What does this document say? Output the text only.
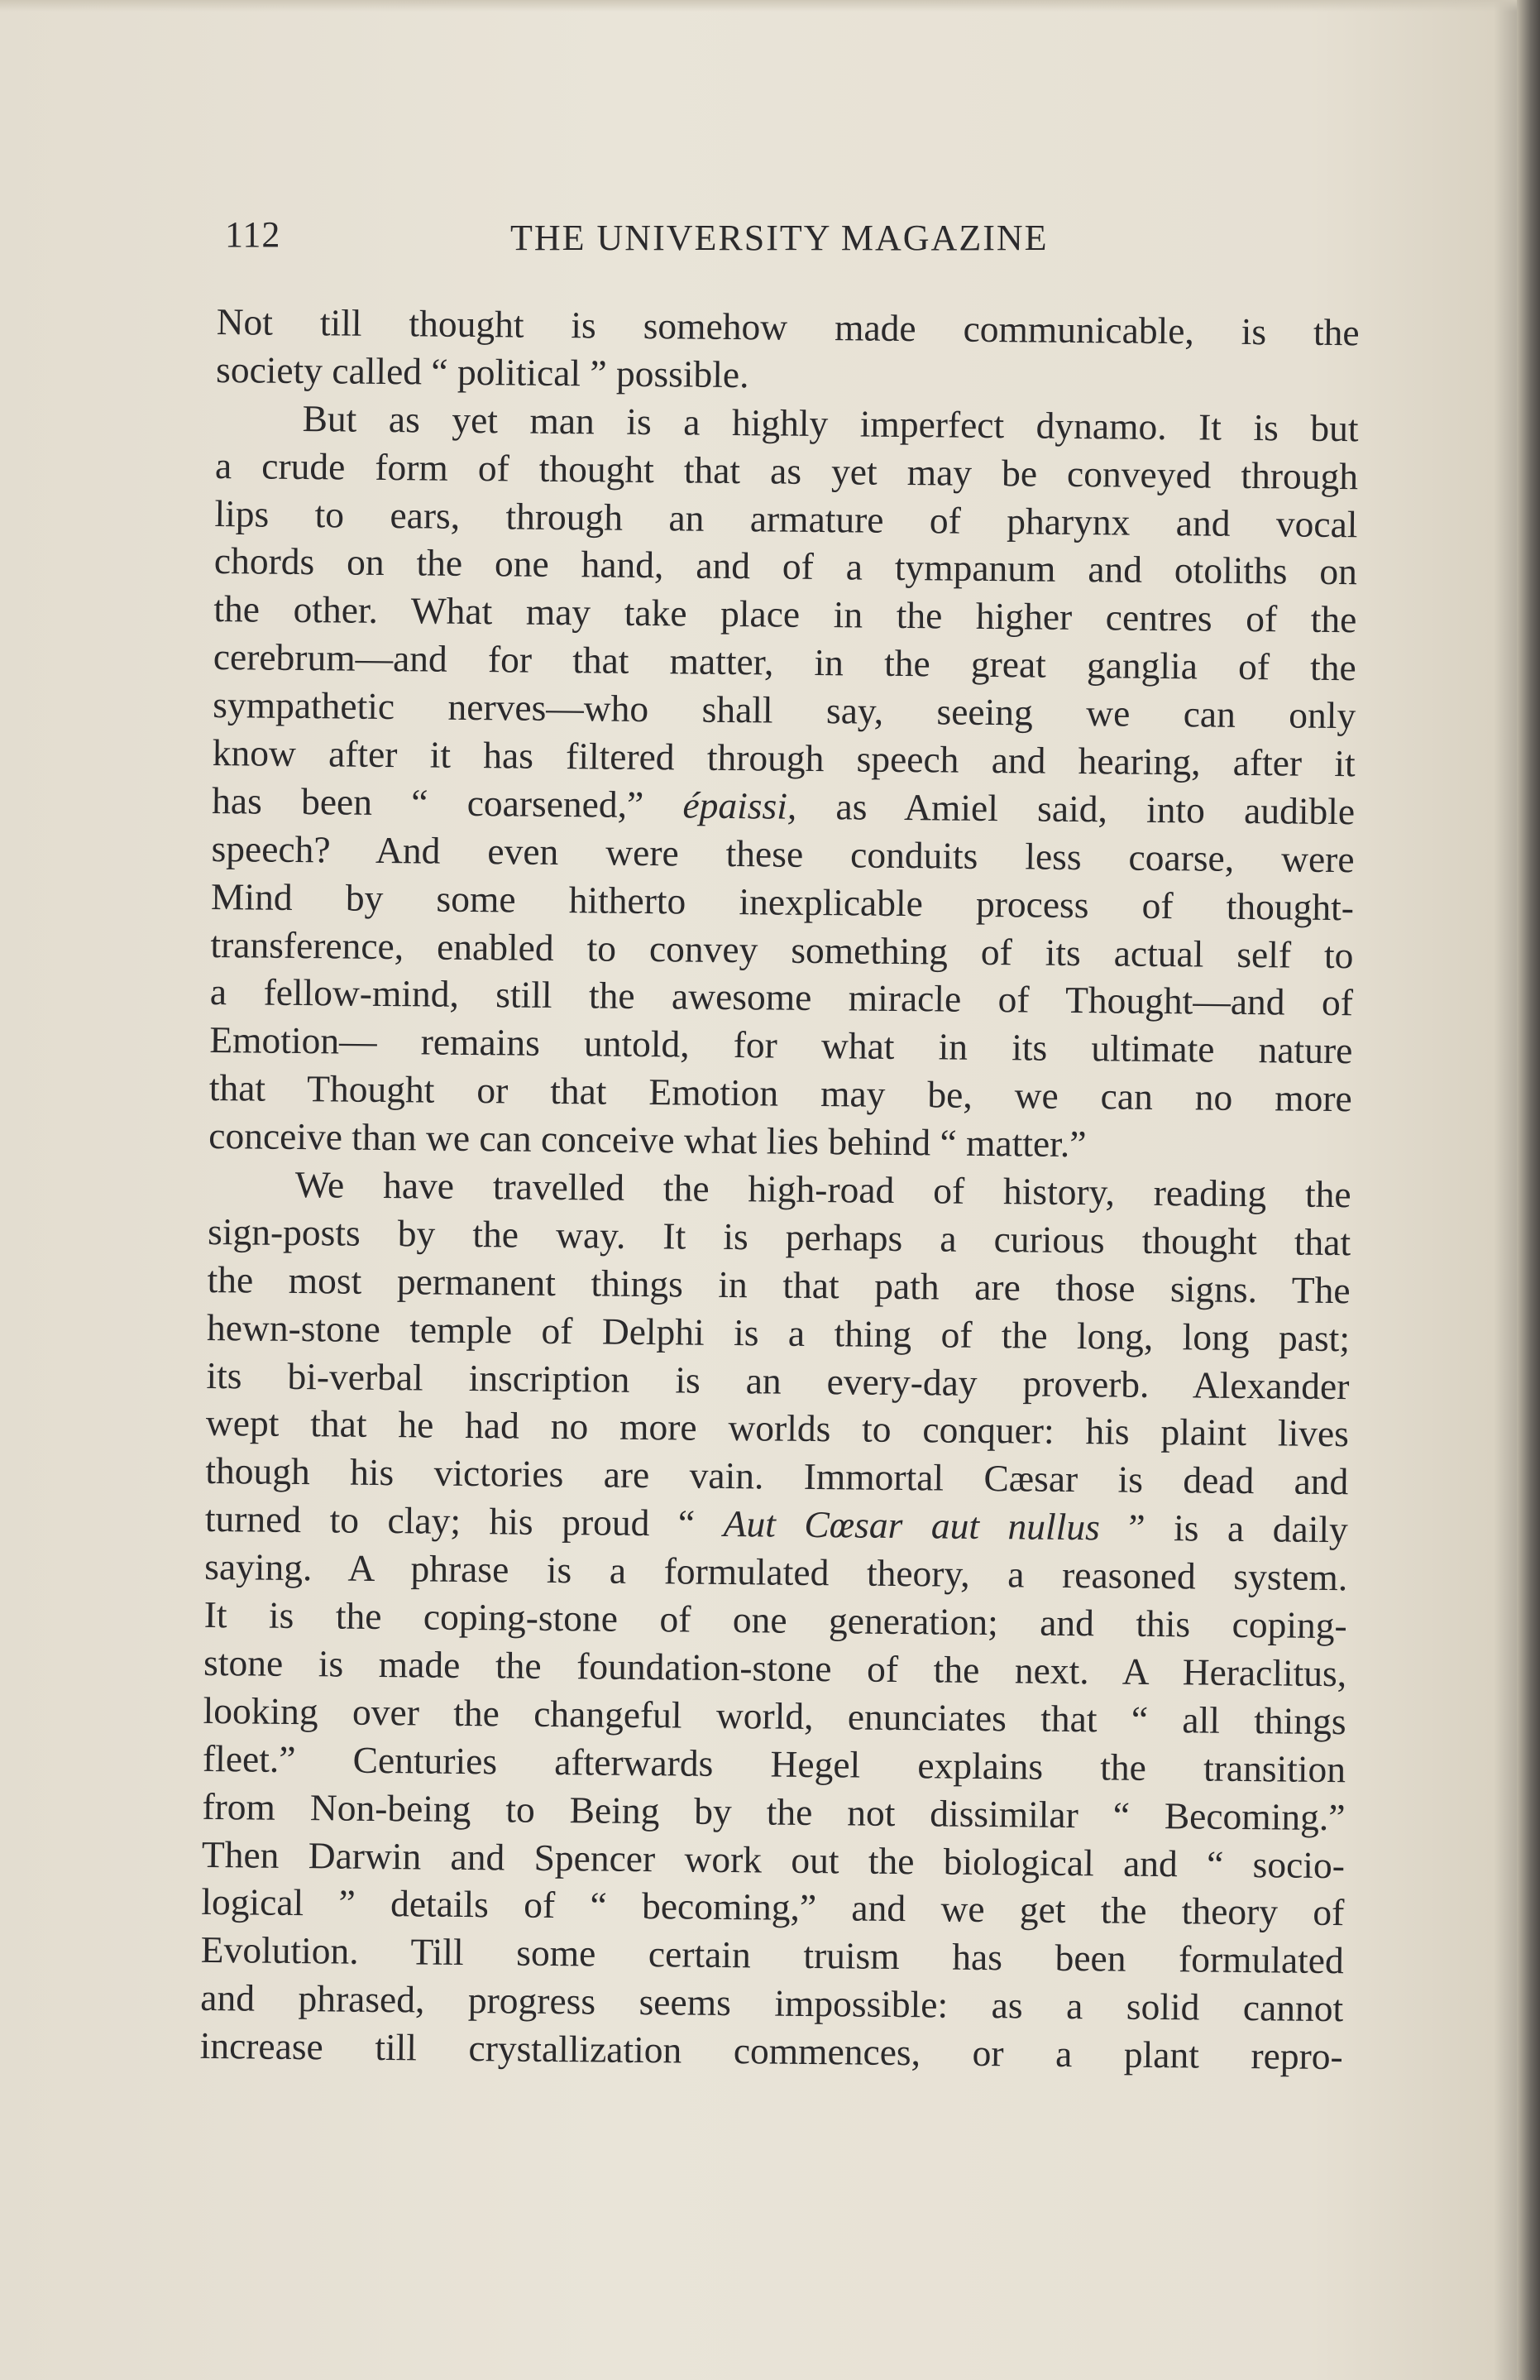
112	THE UNIVERSITY MAGAZINE
Not till thought is somehow made communicable, is the
society called “ political ” possible.
But as yet man is a highly imperfect dynamo. It is but
a crude form of thought that as yet may be conveyed through
lips to ears, through an armature of pharynx and vocal
chords on the one hand, and of a tympanum and otoliths on
the other. What may take place in the higher centres of the
cerebrum—and for that matter, in the great ganglia of the
sympathetic nerves—who shall say, seeing we can only
know after it has filtered through speech and hearing, after it
has been “ coarsened,” épaissi, as Amiel said, into audible
speech? And even were these conduits less coarse, were
Mind by some hitherto inexplicable process of thought-
transference, enabled to convey something of its actual self to
a fellow-mind, still the awesome miracle of Thought—and of
Emotion— remains untold, for what in its ultimate nature
that Thought or that Emotion may be, we can no more
conceive than we can conceive what lies behind “ matter.”
We have travelled the high-road of history, reading the
sign-posts by the way. It is perhaps a curious thought that
the most permanent things in that path are those signs. The
hewn-stone temple of Delphi is a thing of the long, long past;
its bi-verbal inscription is an every-day proverb. Alexander
wept that he had no more worlds to conquer: his plaint lives
though his victories are vain. Immortal Cæsar is dead and
turned to clay; his proud “ Aut Cœsar aut nullus ” is a daily
saying. A phrase is a formulated theory, a reasoned system.
It is the coping-stone of one generation; and this coping-
stone is made the foundation-stone of the next. A Heraclitus,
looking over the changeful world, enunciates that “ all things
fleet.” Centuries afterwards Hegel explains the transition
from Non-being to Being by the not dissimilar “ Becoming.”
Then Darwin and Spencer work out the biological and “ socio-
logical ” details of “ becoming,” and we get the theory of
Evolution. Till some certain truism has been formulated
and phrased, progress seems impossible: as a solid cannot
increase till crystallization commences, or a plant repro-
